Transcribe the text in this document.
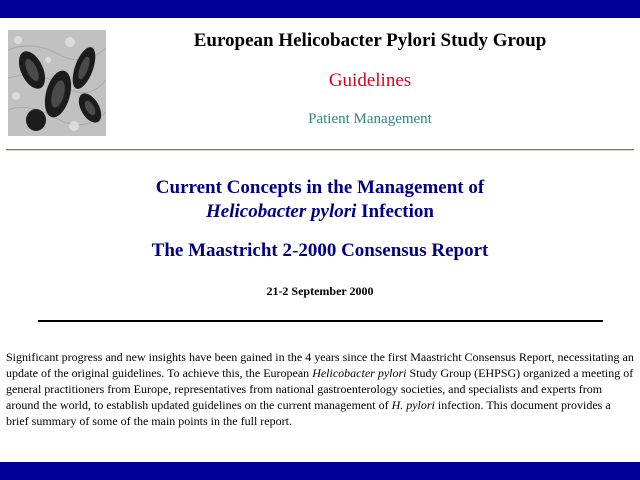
European Helicobacter Pylori Study Group
Guidelines
Patient Management
Current Concepts in the Management of
Helicobacter pylori Infection
The Maastricht 2-2000 Consensus Report
21-2 September 2000

Significant progress and new insights have been gained in the 4 years since the first Maastricht Consensus Report, necessitating an update of the original guidelines. To achieve this, the European Helicobacter pylori Study Group (EHPSG) organized a meeting of general practitioners from Europe, representatives from national gastroenterology societies, and specialists and experts from around the world, to establish updated guidelines on the current management of H. pylori infection. This document provides a brief summary of some of the main points in the full report.
